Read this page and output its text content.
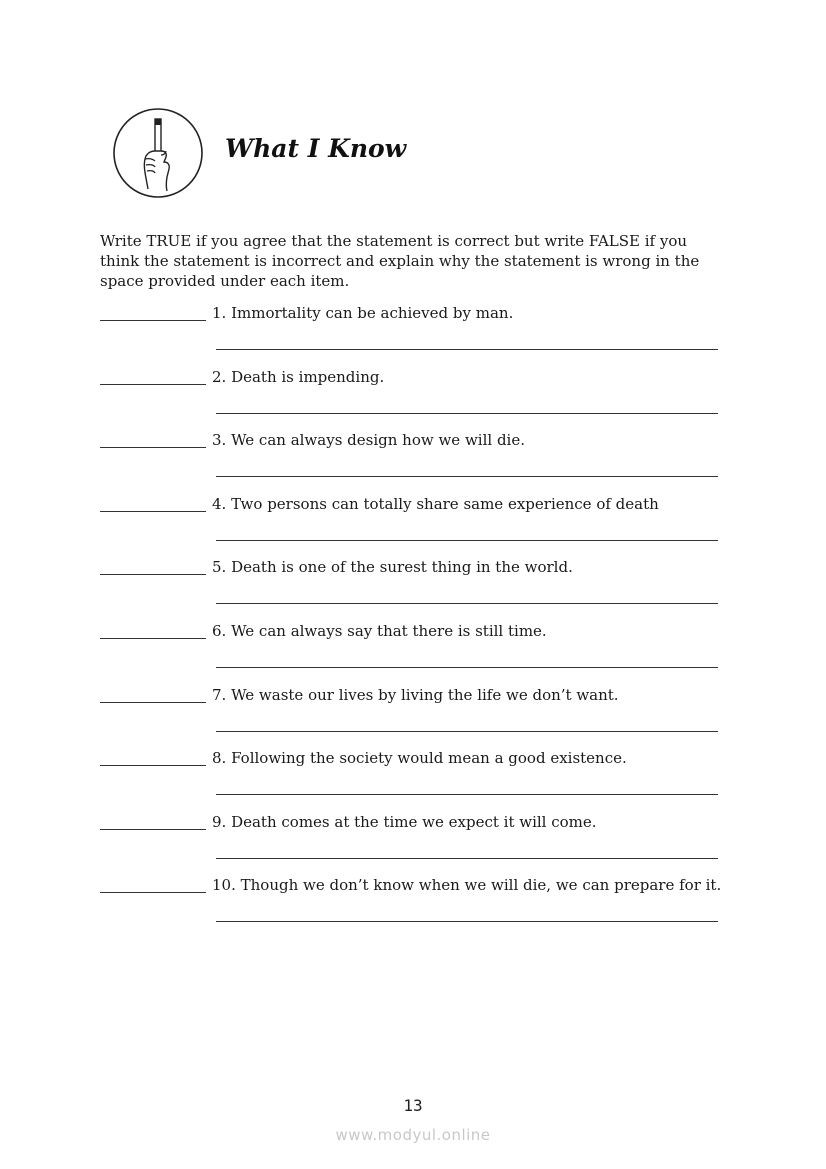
What I Know
Write TRUE if you agree that the statement is correct but write FALSE if you think the statement is incorrect and explain why the statement is wrong in the space provided under each item.
1. Immortality can be achieved by man.
2. Death is impending.
3. We can always design how we will die.
4. Two persons can totally share same experience of death
5. Death is one of the surest thing in the world.
6. We can always say that there is still time.
7. We waste our lives by living the life we don’t want.
8. Following the society would mean a good existence.
9. Death comes at the time we expect it will come.
10. Though we don’t know when we will die, we can prepare for it.
13
www.modyul.online
